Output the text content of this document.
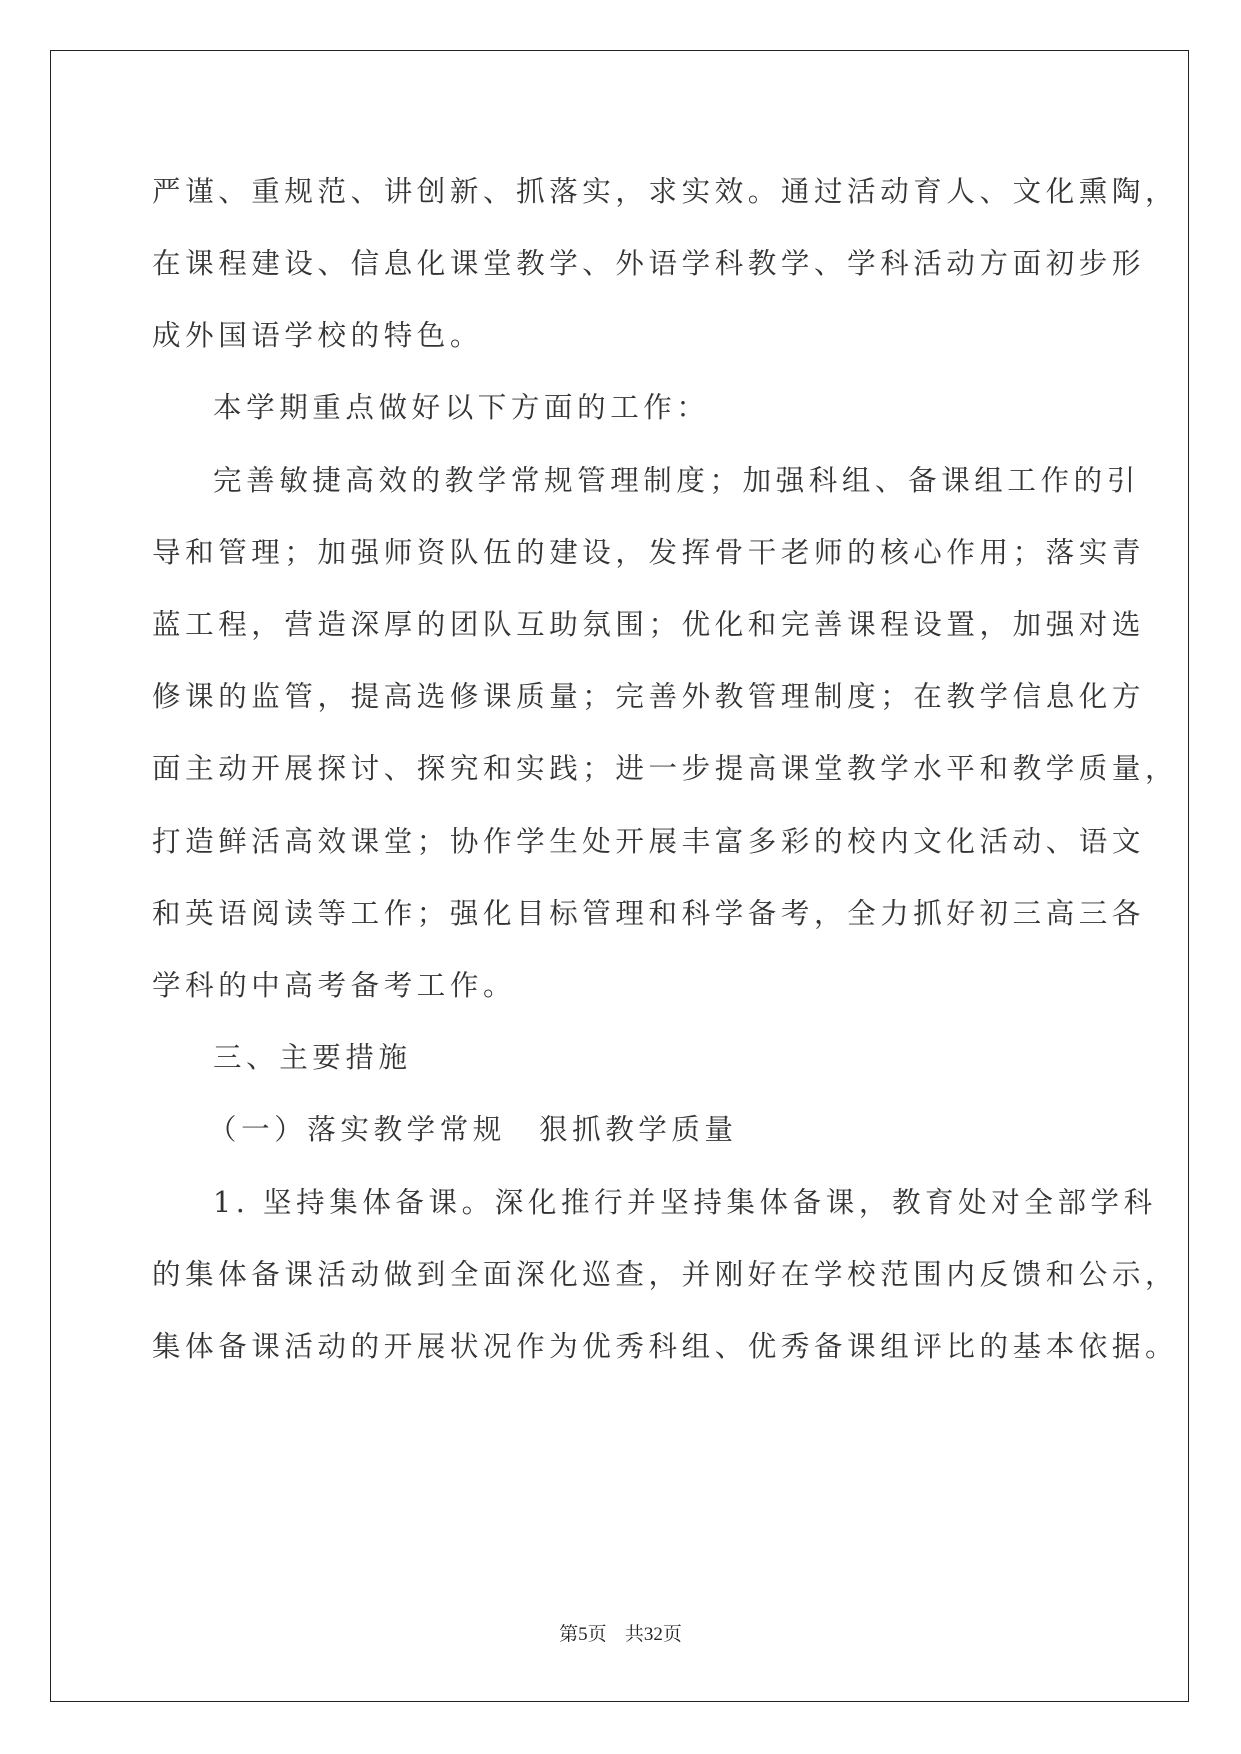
严谨、重规范、讲创新、抓落实，求实效。通过活动育人、文化熏陶，
在课程建设、信息化课堂教学、外语学科教学、学科活动方面初步形
成外国语学校的特色。
本学期重点做好以下方面的工作：
完善敏捷高效的教学常规管理制度；加强科组、备课组工作的引
导和管理；加强师资队伍的建设，发挥骨干老师的核心作用；落实青
蓝工程，营造深厚的团队互助氛围；优化和完善课程设置，加强对选
修课的监管，提高选修课质量；完善外教管理制度；在教学信息化方
面主动开展探讨、探究和实践；进一步提高课堂教学水平和教学质量，
打造鲜活高效课堂；协作学生处开展丰富多彩的校内文化活动、语文
和英语阅读等工作；强化目标管理和科学备考，全力抓好初三高三各
学科的中高考备考工作。
三、主要措施
（一）落实教学常规　狠抓教学质量
1. 坚持集体备课。深化推行并坚持集体备课，教育处对全部学科
的集体备课活动做到全面深化巡查，并刚好在学校范围内反馈和公示，
集体备课活动的开展状况作为优秀科组、优秀备课组评比的基本依据。
第5页 共32页
